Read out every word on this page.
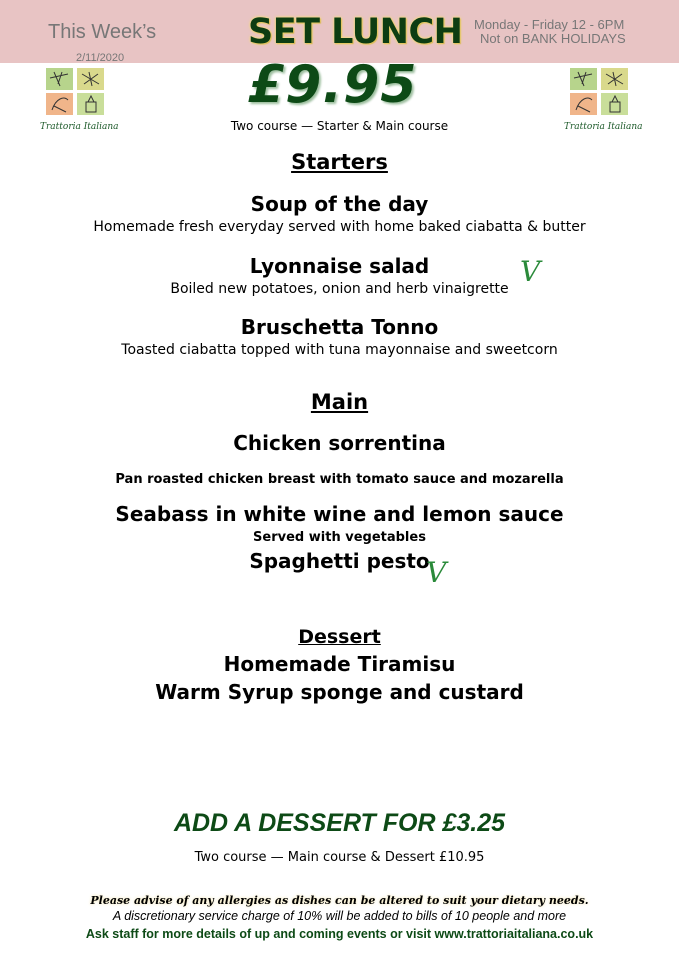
This Week’s
2/11/2020
SET LUNCH Monday - Friday 12 - 6PM
Not on BANK HOLIDAYS
Trattoria Italiana	Trattoria Italiana
£9.95
Two course — Starter & Main course
Starters
Soup of the day
Homemade fresh everyday served with home baked ciabatta & butter
Lyonnaise salad
Boiled new potatoes, onion and herb vinaigrette
V
Bruschetta Tonno
Toasted ciabatta topped with tuna mayonnaise and sweetcorn
Main
Chicken sorrentina
Pan roasted chicken breast with tomato sauce and mozarella
Seabass in white wine and lemon sauce
Served with vegetables
Spaghetti pesto
V
Dessert
Homemade Tiramisu
Warm Syrup sponge and custard
ADD A DESSERT FOR £3.25
Two course — Main course & Dessert £10.95
Please advise of any allergies as dishes can be altered to suit your dietary needs.
A discretionary service charge of 10% will be added to bills of 10 people and more
Ask staff for more details of up and coming events or visit www.trattoriaitaliana.co.uk
